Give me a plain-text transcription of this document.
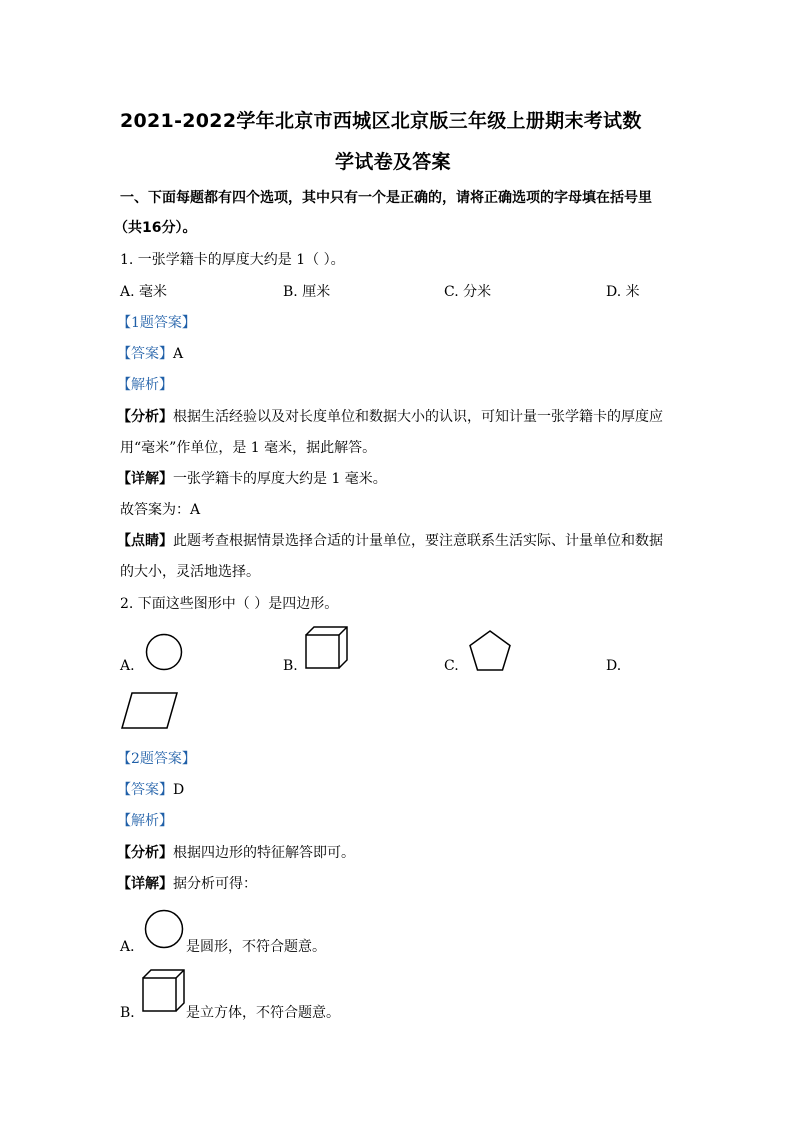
2021-2022学年北京市西城区北京版三年级上册期末考试数
学试卷及答案
一、下面每题都有四个选项，其中只有一个是正确的，请将正确选项的字母填在括号里
（共16分）。
1. 一张学籍卡的厚度大约是 1（ ）。
A. 毫米	B. 厘米	C. 分米	D. 米
【1题答案】
【答案】A
【解析】
【分析】根据生活经验以及对长度单位和数据大小的认识，可知计量一张学籍卡的厚度应
用“毫米”作单位，是 1 毫米，据此解答。
【详解】一张学籍卡的厚度大约是 1 毫米。
故答案为：A
【点睛】此题考查根据情景选择合适的计量单位，要注意联系生活实际、计量单位和数据
的大小，灵活地选择。
2. 下面这些图形中（ ）是四边形。
A.	B.	C.	D.
【2题答案】
【答案】D
【解析】
【分析】根据四边形的特征解答即可。
【详解】据分析可得：
A．	是圆形，不符合题意。
B．	是立方体，不符合题意。
